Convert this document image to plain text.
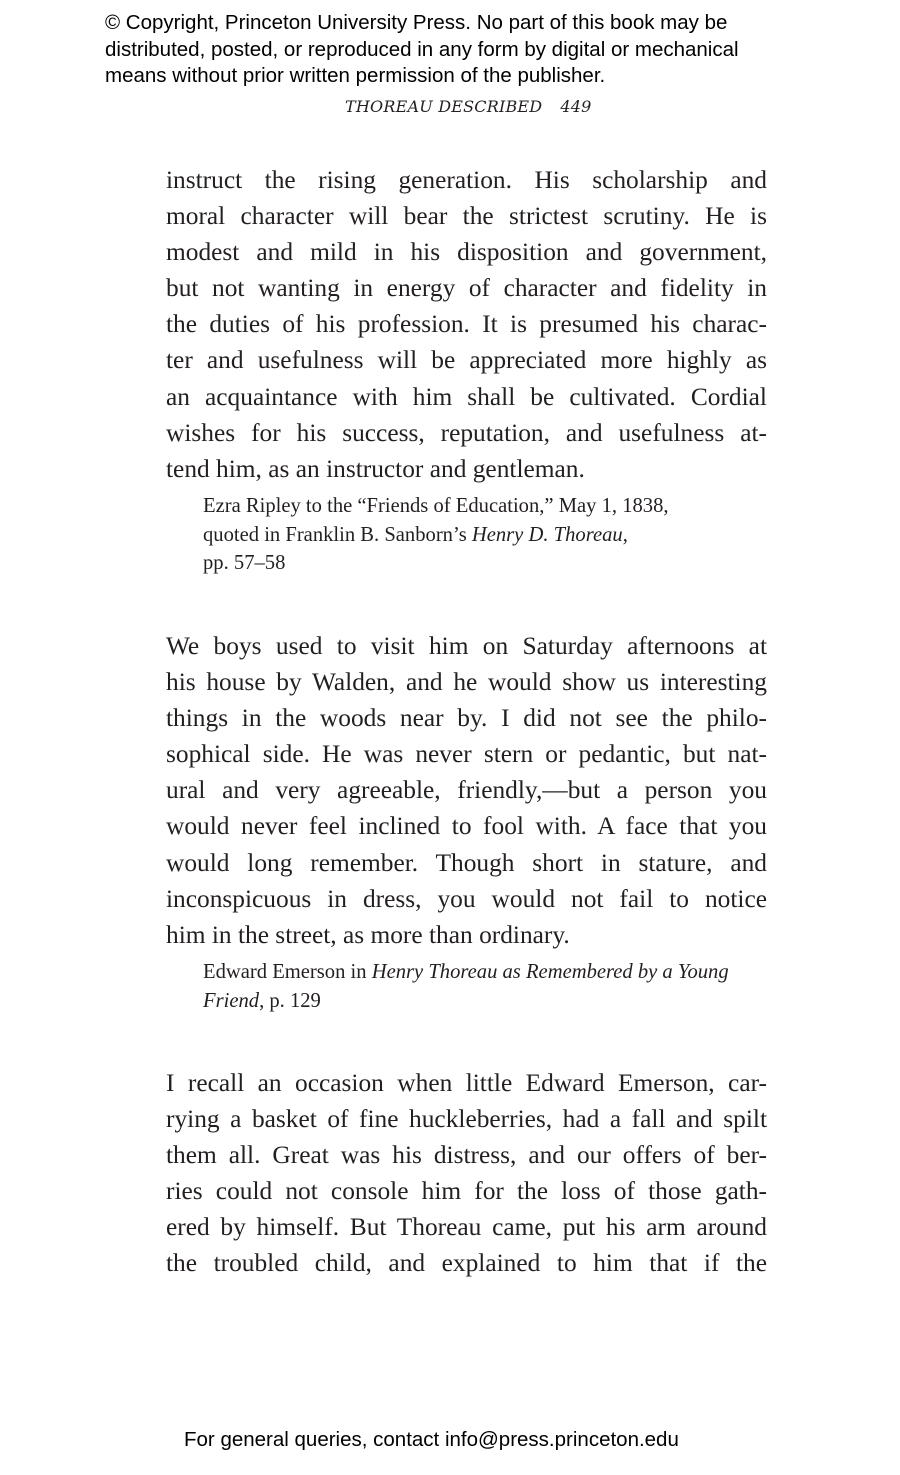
© Copyright, Princeton University Press. No part of this book may be
distributed, posted, or reproduced in any form by digital or mechanical
means without prior written permission of the publisher.
THOREAU DESCRIBED 449
instruct the rising generation. His scholarship and
moral character will bear the strictest scrutiny. He is
modest and mild in his disposition and government,
but not wanting in energy of character and fidelity in
the duties of his profession. It is presumed his charac-
ter and usefulness will be appreciated more highly as
an acquaintance with him shall be cultivated. Cordial
wishes for his success, reputation, and usefulness at-
tend him, as an instructor and gentleman.
Ezra Ripley to the “Friends of Education,” May 1, 1838,
quoted in Franklin B. Sanborn’s Henry D. Thoreau,
pp. 57–58
We boys used to visit him on Saturday afternoons at
his house by Walden, and he would show us interesting
things in the woods near by. I did not see the philo-
sophical side. He was never stern or pedantic, but nat-
ural and very agreeable, friendly,—but a person you
would never feel inclined to fool with. A face that you
would long remember. Though short in stature, and
inconspicuous in dress, you would not fail to notice
him in the street, as more than ordinary.
Edward Emerson in Henry Thoreau as Remembered by a Young
Friend, p. 129
I recall an occasion when little Edward Emerson, car-
rying a basket of fine huckleberries, had a fall and spilt
them all. Great was his distress, and our offers of ber-
ries could not console him for the loss of those gath-
ered by himself. But Thoreau came, put his arm around
the troubled child, and explained to him that if the
For general queries, contact info@press.princeton.edu
